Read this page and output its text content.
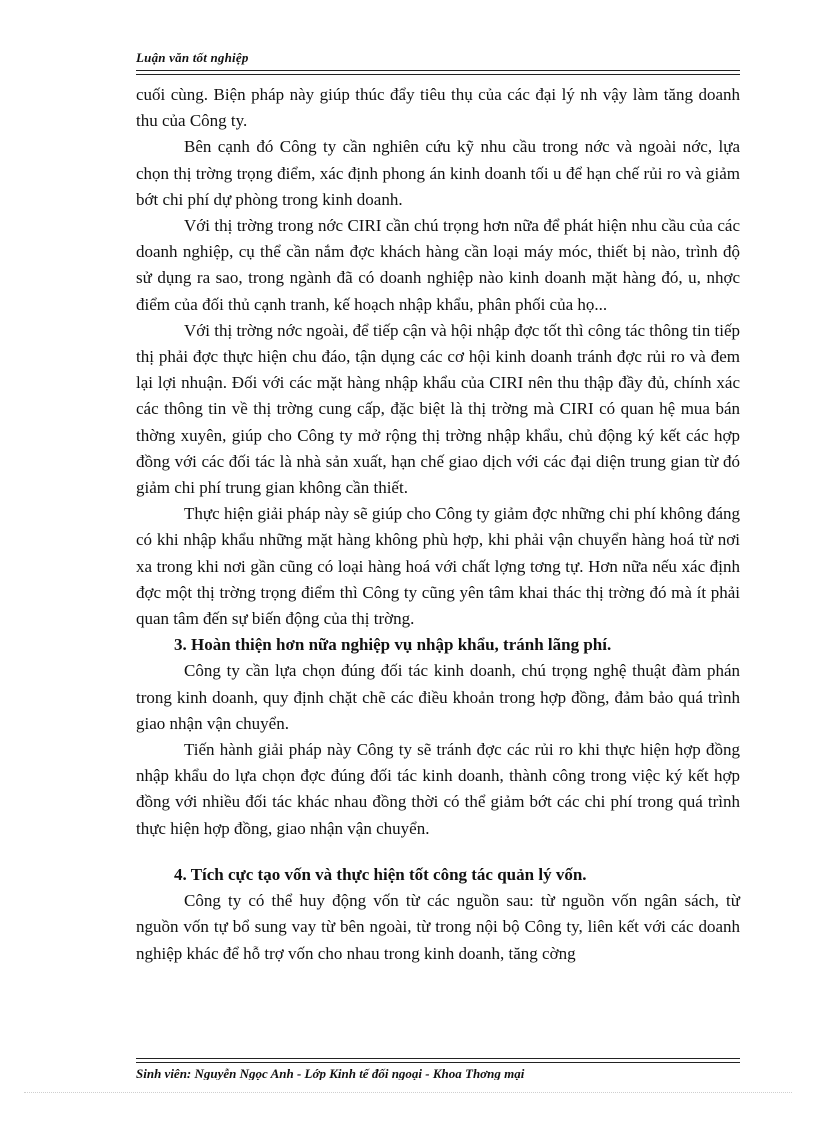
Luận văn tốt nghiệp

cuối cùng. Biện pháp này giúp thúc đẩy tiêu thụ của các đại lý nh vậy làm tăng doanh thu của Công ty.

Bên cạnh đó Công ty cần nghiên cứu kỹ nhu cầu trong nớc và ngoài nớc, lựa chọn thị trờng trọng điểm, xác định phong án kinh doanh tối u để hạn chế rủi ro và giảm bớt chi phí dự phòng trong kinh doanh.

Với thị trờng trong nớc CIRI cần chú trọng hơn nữa để phát hiện nhu cầu của các doanh nghiệp, cụ thể cần nắm đợc khách hàng cần loại máy móc, thiết bị nào, trình độ sử dụng ra sao, trong ngành đã có doanh nghiệp nào kinh doanh mặt hàng đó, u, nhợc điểm của đối thủ cạnh tranh, kế hoạch nhập khẩu, phân phối của họ...

Với thị trờng nớc ngoài, để tiếp cận và hội nhập đợc tốt thì công tác thông tin tiếp thị phải đợc thực hiện chu đáo, tận dụng các cơ hội kinh doanh tránh đợc rủi ro và đem lại lợi nhuận. Đối với các mặt hàng nhập khẩu của CIRI nên thu thập đầy đủ, chính xác các thông tin về thị trờng cung cấp, đặc biệt là thị trờng mà CIRI có quan hệ mua bán thờng xuyên, giúp cho Công ty mở rộng thị trờng nhập khẩu, chủ động ký kết các hợp đồng với các đối tác là nhà sản xuất, hạn chế giao dịch với các đại diện trung gian từ đó giảm chi phí trung gian không cần thiết.

Thực hiện giải pháp này sẽ giúp cho Công ty giảm đợc những chi phí không đáng có khi nhập khẩu những mặt hàng không phù hợp, khi phải vận chuyển hàng hoá từ nơi xa trong khi nơi gần cũng có loại hàng hoá với chất lợng tơng tự. Hơn nữa nếu xác định đợc một thị trờng trọng điểm thì Công ty cũng yên tâm khai thác thị trờng đó mà ít phải quan tâm đến sự biến động của thị trờng.

3. Hoàn thiện hơn nữa nghiệp vụ nhập khẩu, tránh lãng phí.

Công ty cần lựa chọn đúng đối tác kinh doanh, chú trọng nghệ thuật đàm phán trong kinh doanh, quy định chặt chẽ các điều khoản trong hợp đồng, đảm bảo quá trình giao nhận vận chuyển.

Tiến hành giải pháp này Công ty sẽ tránh đợc các rủi ro khi thực hiện hợp đồng nhập khẩu do lựa chọn đợc đúng đối tác kinh doanh, thành công trong việc ký kết hợp đồng với nhiều đối tác khác nhau đồng thời có thể giảm bớt các chi phí trong quá trình thực hiện hợp đồng, giao nhận vận chuyển.

4. Tích cực tạo vốn và thực hiện tốt công tác quản lý vốn.

Công ty có thể huy động vốn từ các nguồn sau: từ nguồn vốn ngân sách, từ nguồn vốn tự bổ sung vay từ bên ngoài, từ trong nội bộ Công ty, liên kết với các doanh nghiệp khác để hỗ trợ vốn cho nhau trong kinh doanh, tăng cờng

Sinh viên: Nguyễn Ngọc Anh - Lớp Kinh tế đối ngoại - Khoa Thơng mại
